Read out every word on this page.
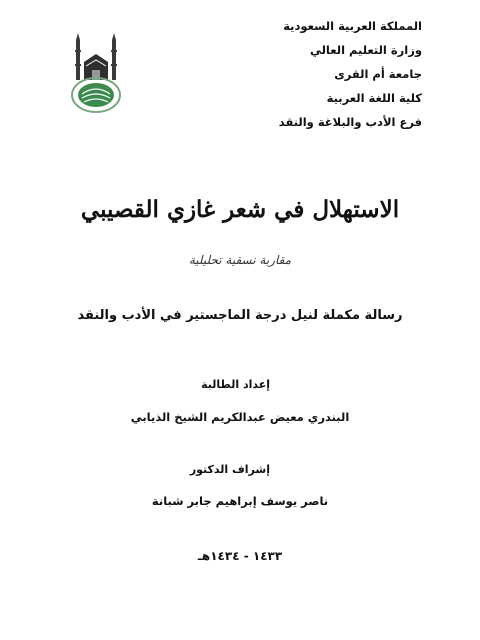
المملكة العربية السعودية
وزارة التعليم العالي
جامعة أم القرى
كلية اللغة العربية
فرع الأدب والبلاغة والنقد
الاستهلال في شعر غازي القصيبي
مقاربة نسقية تحليلية
رسالة مكملة لنيل درجة الماجستير في الأدب والنقد
إعداد الطالبة
البندري معيض عبدالكريم الشيخ الذيابي
إشراف الدكتور
ناصر يوسف إبراهيم جابر شبانة
١٤٣٣ - ١٤٣٤هـ
